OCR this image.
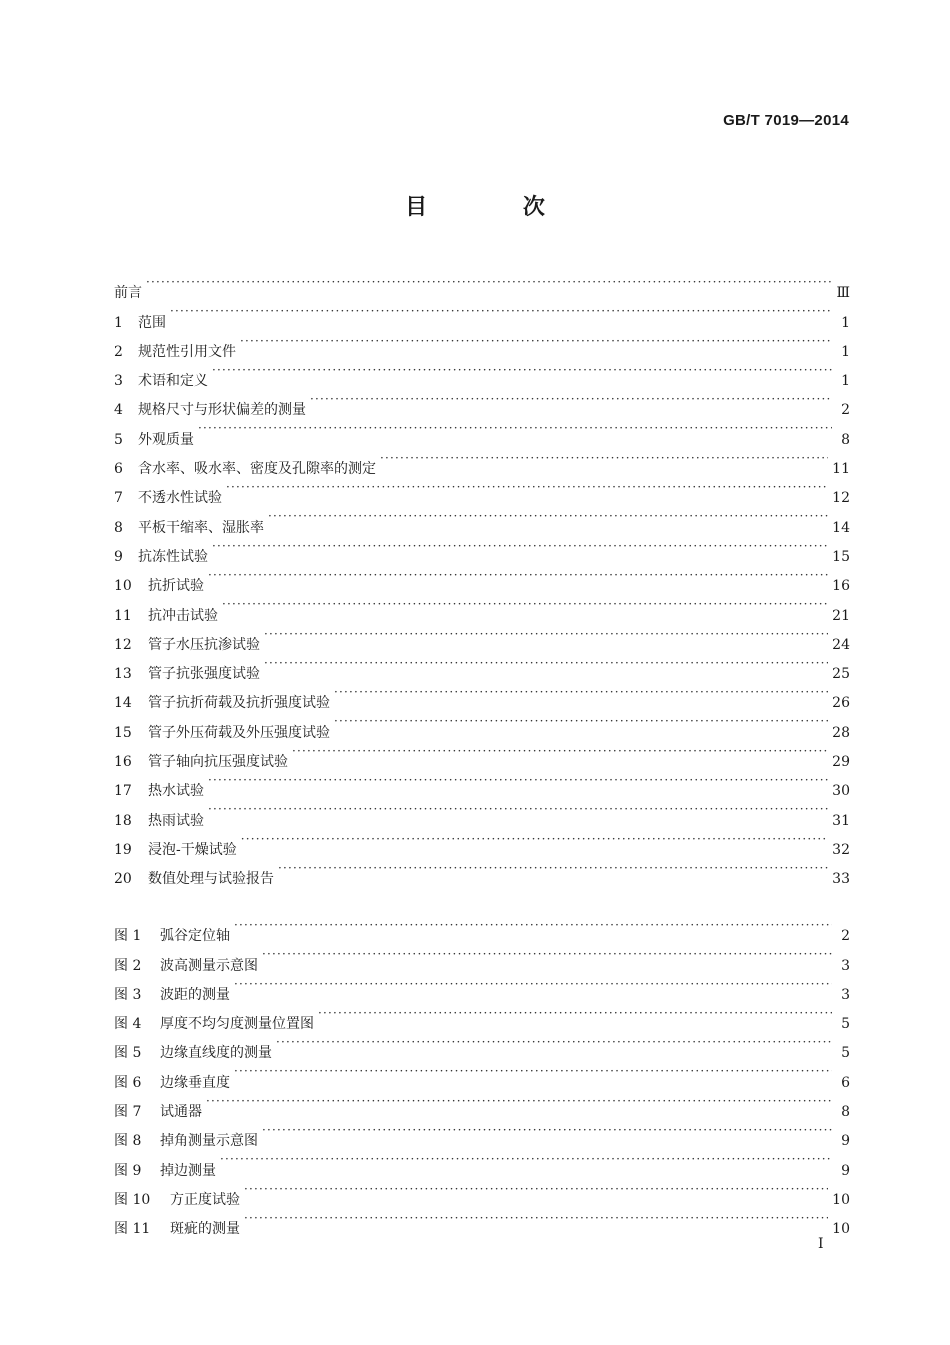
GB/T 7019—2014
目 次
前言 ·····	Ⅲ
1	范围 ·····	1
2	规范性引用文件 ·····	1
3	术语和定义 ·····	1
4	规格尺寸与形状偏差的测量 ·····	2
5	外观质量 ·····	8
6	含水率、吸水率、密度及孔隙率的测定 ·····	11
7	不透水性试验 ·····	12
8	平板干缩率、湿胀率 ·····	14
9	抗冻性试验 ·····	15
10	抗折试验 ·····	16
11	抗冲击试验 ·····	21
12	管子水压抗渗试验 ·····	24
13	管子抗张强度试验 ·····	25
14	管子抗折荷载及抗折强度试验 ·····	26
15	管子外压荷载及外压强度试验 ·····	28
16	管子轴向抗压强度试验 ·····	29
17	热水试验 ·····	30
18	热雨试验 ·····	31
19	浸泡-干燥试验 ·····	32
20	数值处理与试验报告 ·····	33
图 1	弧谷定位轴 ·····	2
图 2	波高测量示意图 ·····	3
图 3	波距的测量 ·····	3
图 4	厚度不均匀度测量位置图 ·····	5
图 5	边缘直线度的测量 ·····	5
图 6	边缘垂直度 ·····	6
图 7	试通器 ·····	8
图 8	掉角测量示意图 ·····	9
图 9	掉边测量 ·····	9
图 10	方正度试验 ·····	10
图 11	斑疵的测量 ·····	10
I
